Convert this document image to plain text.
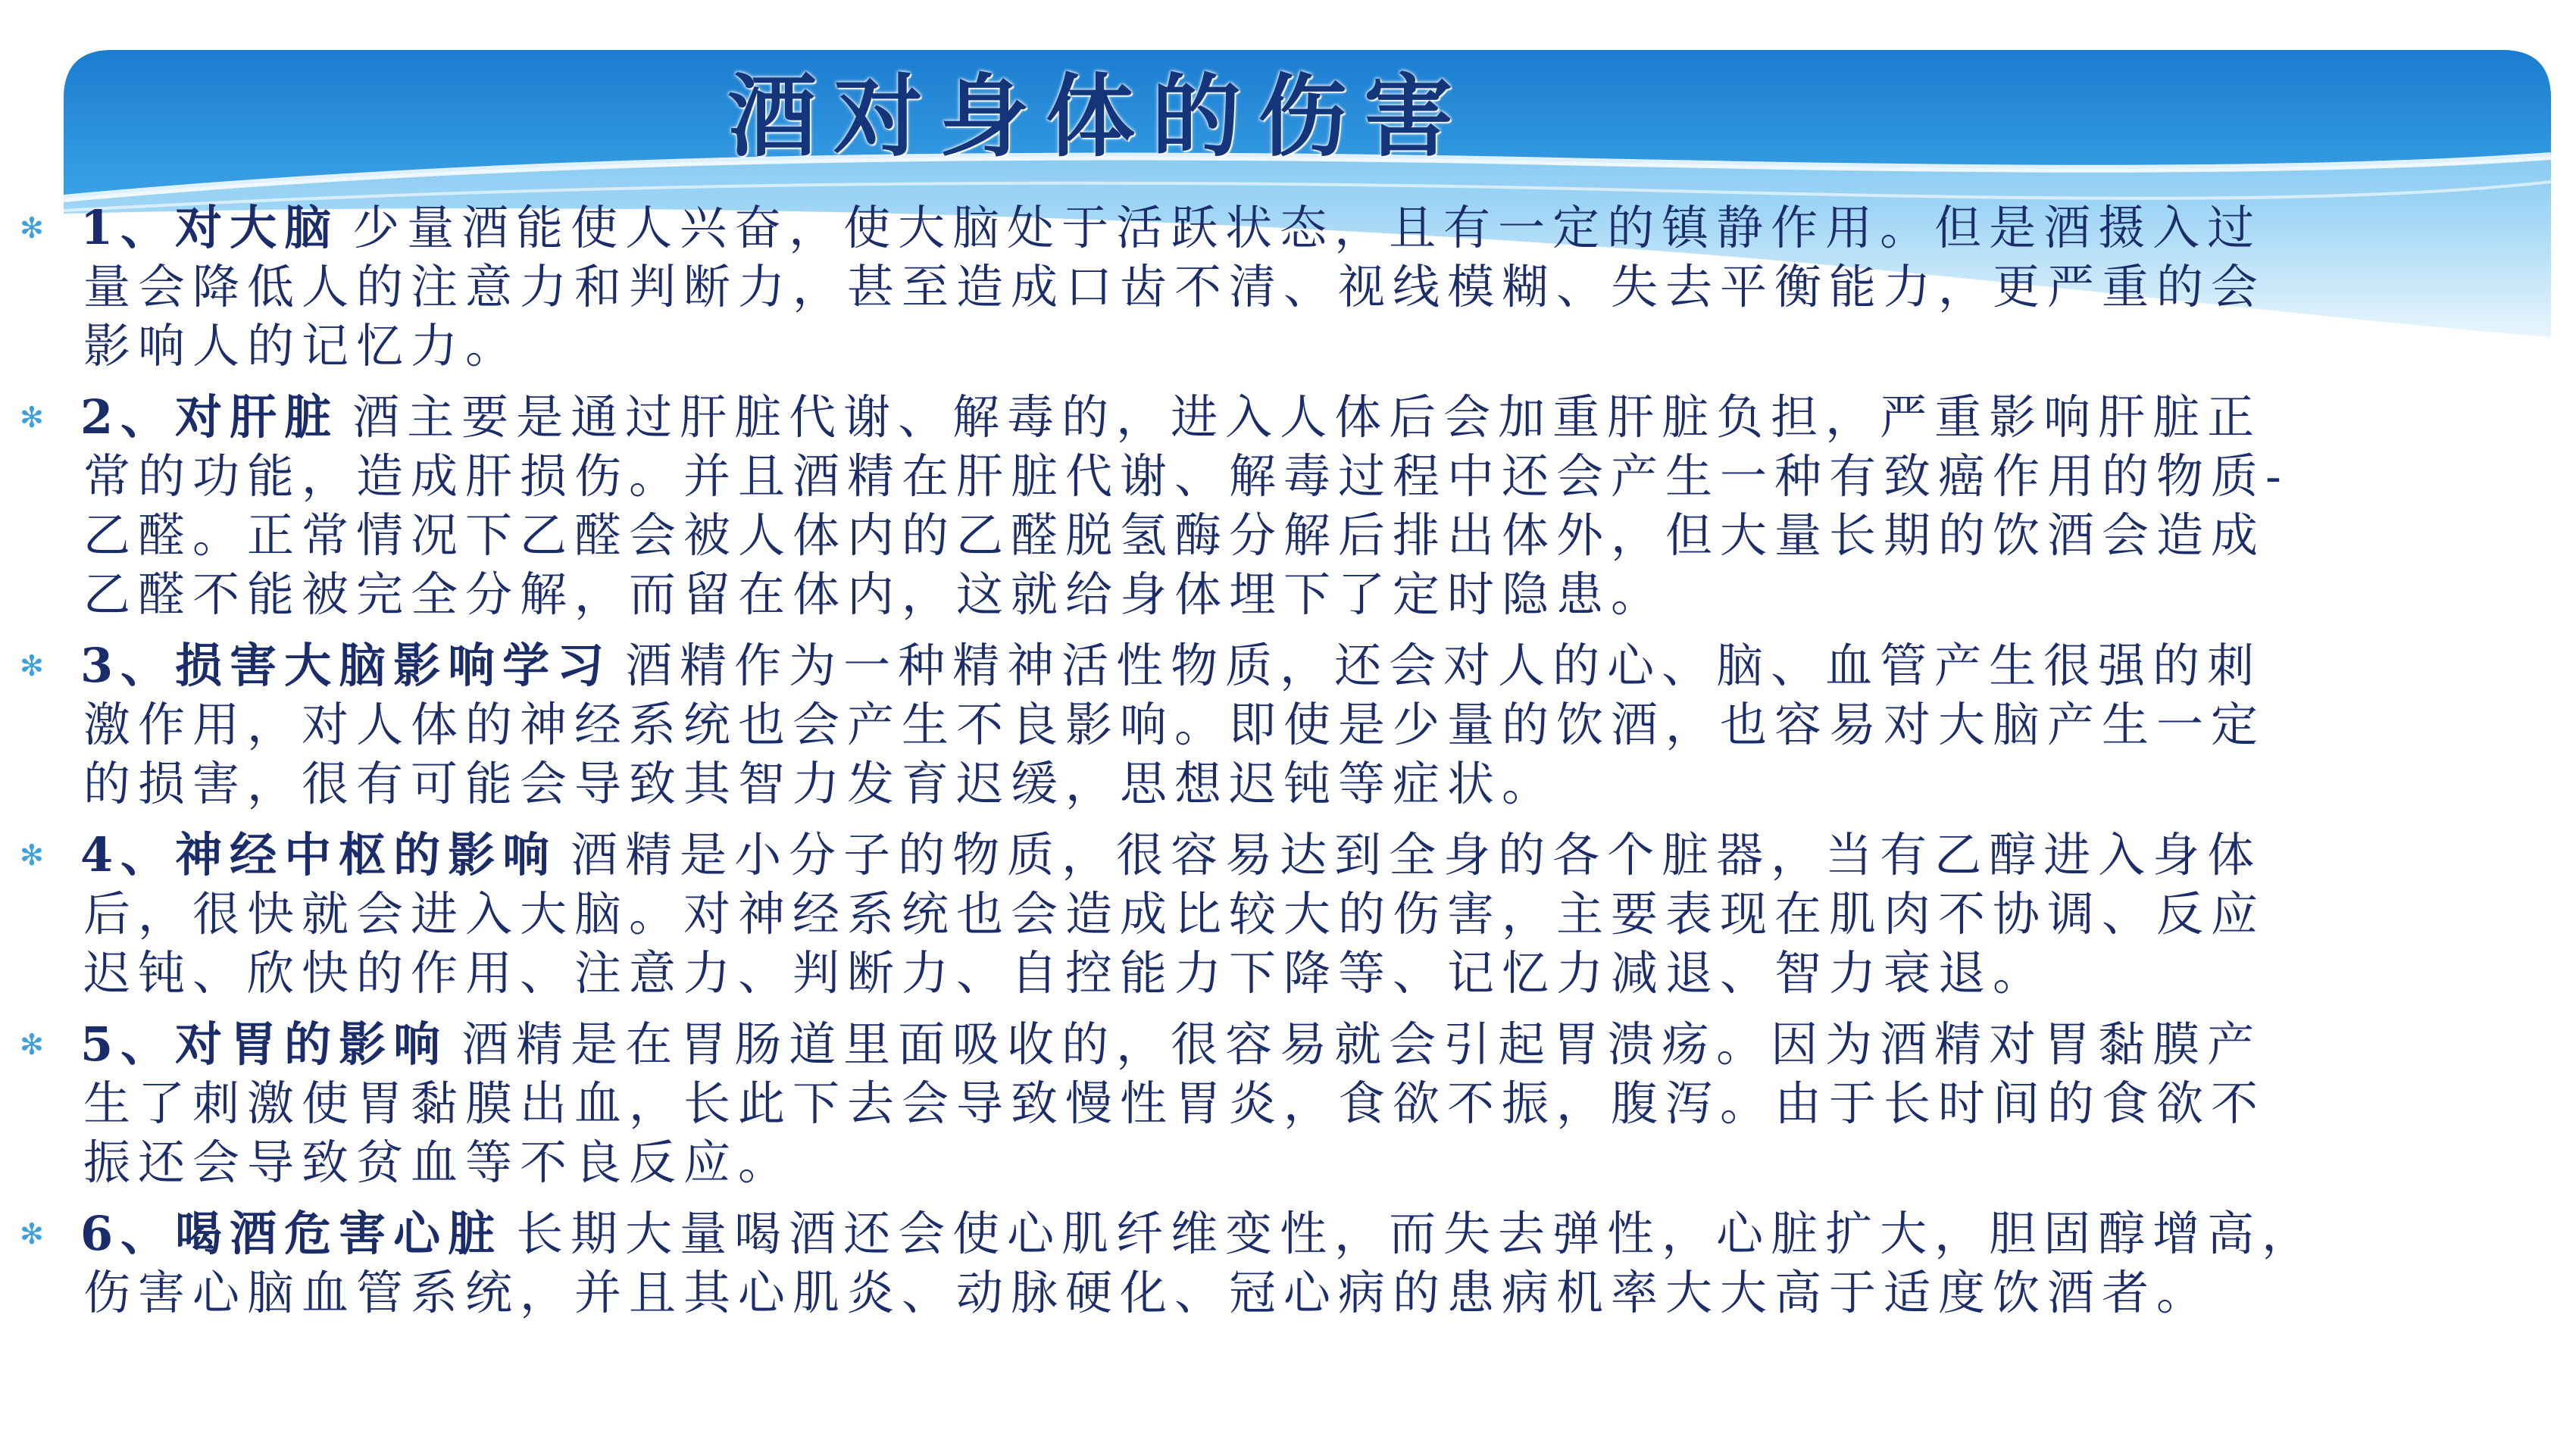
酒对身体的伤害
✻
1、对大脑 少量酒能使人兴奋，使大脑处于活跃状态，且有一定的镇静作用。但是酒摄入过
量会降低人的注意力和判断力，甚至造成口齿不清、视线模糊、失去平衡能力，更严重的会
影响人的记忆力。
✻
2、对肝脏 酒主要是通过肝脏代谢、解毒的，进入人体后会加重肝脏负担，严重影响肝脏正
常的功能，造成肝损伤。并且酒精在肝脏代谢、解毒过程中还会产生一种有致癌作用的物质-
乙醛。正常情况下乙醛会被人体内的乙醛脱氢酶分解后排出体外，但大量长期的饮酒会造成
乙醛不能被完全分解，而留在体内，这就给身体埋下了定时隐患。
✻
3、损害大脑影响学习 酒精作为一种精神活性物质，还会对人的心、脑、血管产生很强的刺
激作用，对人体的神经系统也会产生不良影响。即使是少量的饮酒，也容易对大脑产生一定
的损害，很有可能会导致其智力发育迟缓，思想迟钝等症状。
✻
4、神经中枢的影响 酒精是小分子的物质，很容易达到全身的各个脏器，当有乙醇进入身体
后，很快就会进入大脑。对神经系统也会造成比较大的伤害，主要表现在肌肉不协调、反应
迟钝、欣快的作用、注意力、判断力、自控能力下降等、记忆力减退、智力衰退。
✻
5、对胃的影响 酒精是在胃肠道里面吸收的，很容易就会引起胃溃疡。因为酒精对胃黏膜产
生了刺激使胃黏膜出血，长此下去会导致慢性胃炎，食欲不振，腹泻。由于长时间的食欲不
振还会导致贫血等不良反应。
✻
6、喝酒危害心脏 长期大量喝酒还会使心肌纤维变性，而失去弹性，心脏扩大，胆固醇增高，
伤害心脑血管系统，并且其心肌炎、动脉硬化、冠心病的患病机率大大高于适度饮酒者。
